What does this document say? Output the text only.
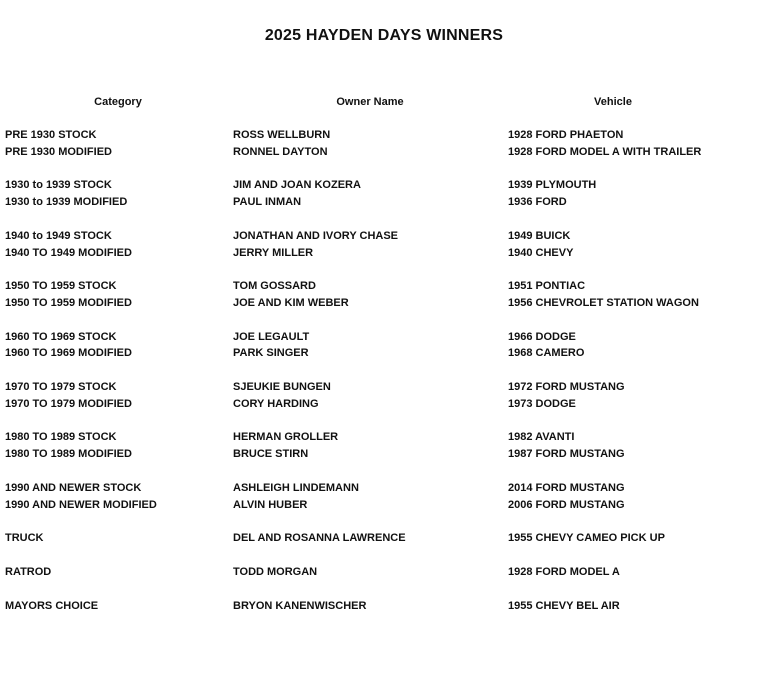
2025 HAYDEN DAYS WINNERS
Category	Owner Name	Vehicle
PRE 1930 STOCK	ROSS WELLBURN	1928 FORD PHAETON
PRE 1930 MODIFIED	RONNEL DAYTON	1928 FORD MODEL A WITH TRAILER
1930 to 1939 STOCK	JIM AND JOAN KOZERA	1939 PLYMOUTH
1930 to 1939 MODIFIED	PAUL INMAN	1936 FORD
1940 to 1949 STOCK	JONATHAN AND IVORY CHASE	1949 BUICK
1940 TO 1949 MODIFIED	JERRY MILLER	1940 CHEVY
1950 TO 1959 STOCK	TOM GOSSARD	1951 PONTIAC
1950 TO 1959 MODIFIED	JOE AND KIM WEBER	1956 CHEVROLET STATION WAGON
1960 TO 1969 STOCK	JOE LEGAULT	1966 DODGE
1960 TO 1969 MODIFIED	PARK SINGER	1968 CAMERO
1970 TO 1979 STOCK	SJEUKIE BUNGEN	1972 FORD MUSTANG
1970 TO 1979 MODIFIED	CORY HARDING	1973 DODGE
1980 TO 1989 STOCK	HERMAN GROLLER	1982 AVANTI
1980 TO 1989 MODIFIED	BRUCE STIRN	1987 FORD MUSTANG
1990 AND NEWER STOCK	ASHLEIGH LINDEMANN	2014 FORD MUSTANG
1990 AND NEWER MODIFIED	ALVIN HUBER	2006 FORD MUSTANG
TRUCK	DEL AND ROSANNA LAWRENCE	1955 CHEVY CAMEO PICK UP
RATROD	TODD MORGAN	1928 FORD MODEL A
MAYORS CHOICE	BRYON KANENWISCHER	1955 CHEVY BEL AIR
